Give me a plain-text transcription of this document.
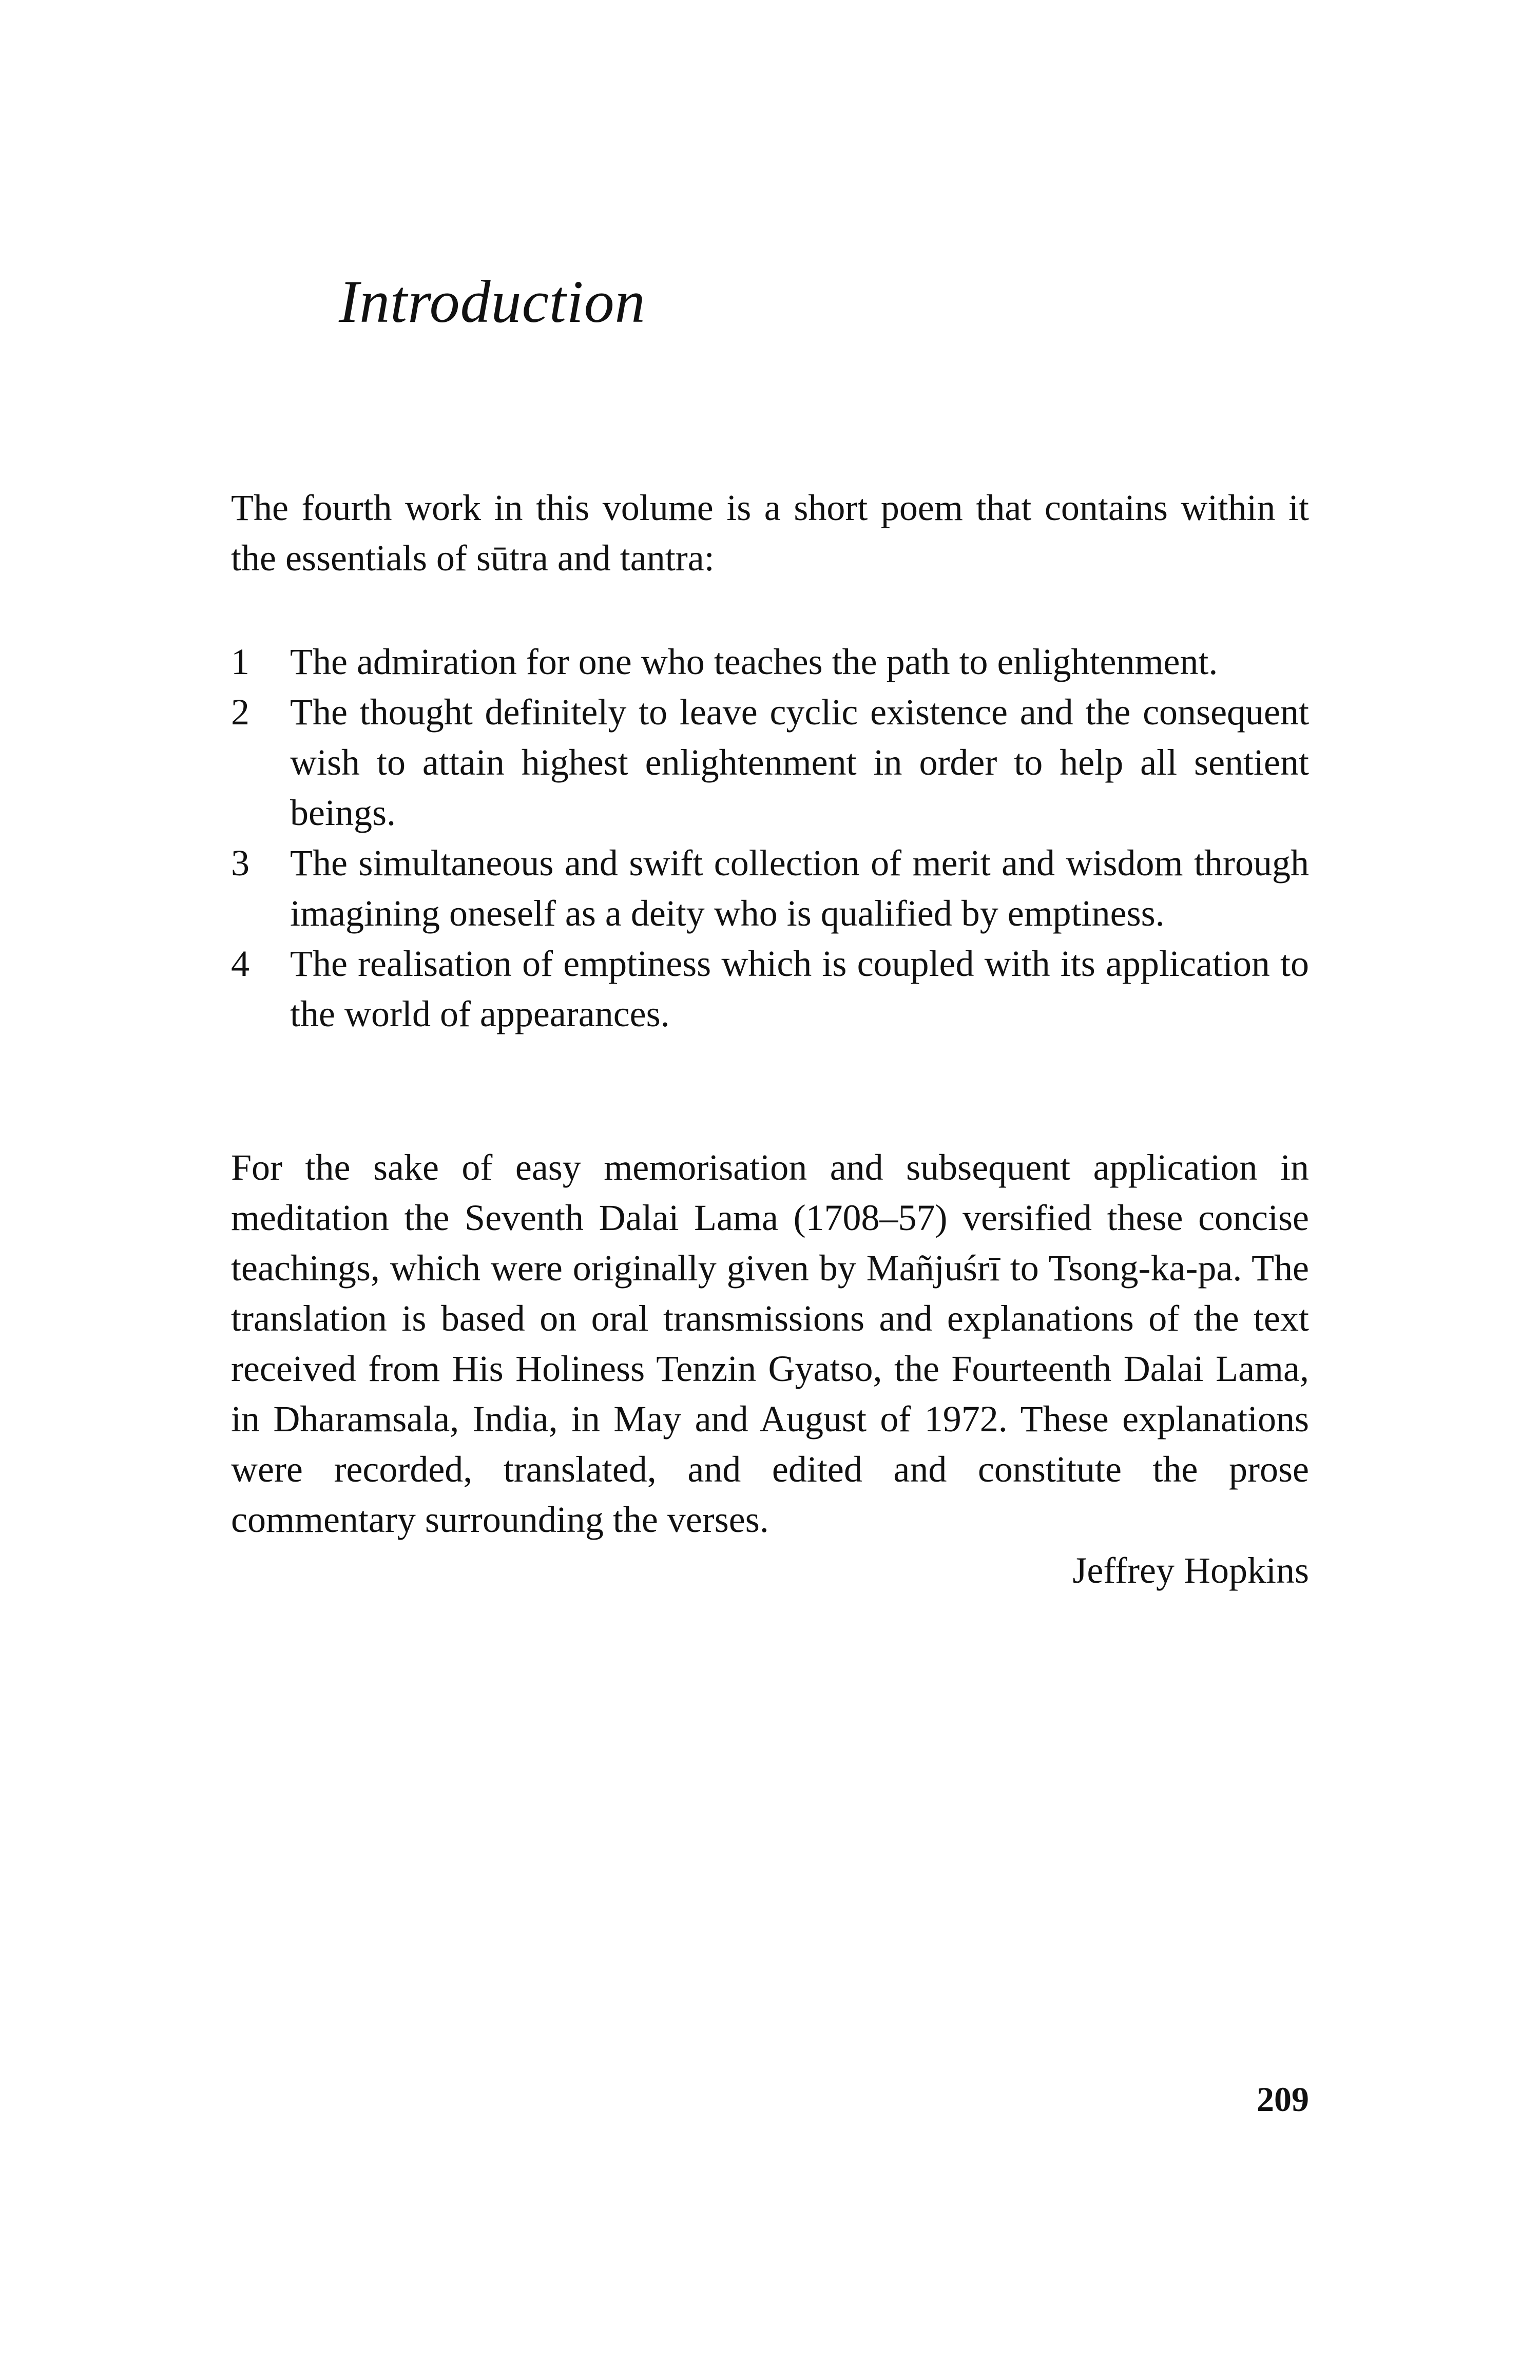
Introduction

The fourth work in this volume is a short poem that contains within it the essentials of sūtra and tantra:

1	The admiration for one who teaches the path to enlightenment.
2	The thought definitely to leave cyclic existence and the consequent wish to attain highest enlightenment in order to help all sentient beings.
3	The simultaneous and swift collection of merit and wisdom through imagining oneself as a deity who is qualified by emptiness.
4	The realisation of emptiness which is coupled with its application to the world of appearances.

For the sake of easy memorisation and subsequent application in meditation the Seventh Dalai Lama (1708–57) versified these concise teachings, which were originally given by Mañjuśrī to Tsong-ka-pa. The translation is based on oral transmissions and explanations of the text received from His Holiness Tenzin Gyatso, the Fourteenth Dalai Lama, in Dharamsala, India, in May and August of 1972. These explanations were recorded, translated, and edited and constitute the prose commentary surrounding the verses.

Jeffrey Hopkins

209
